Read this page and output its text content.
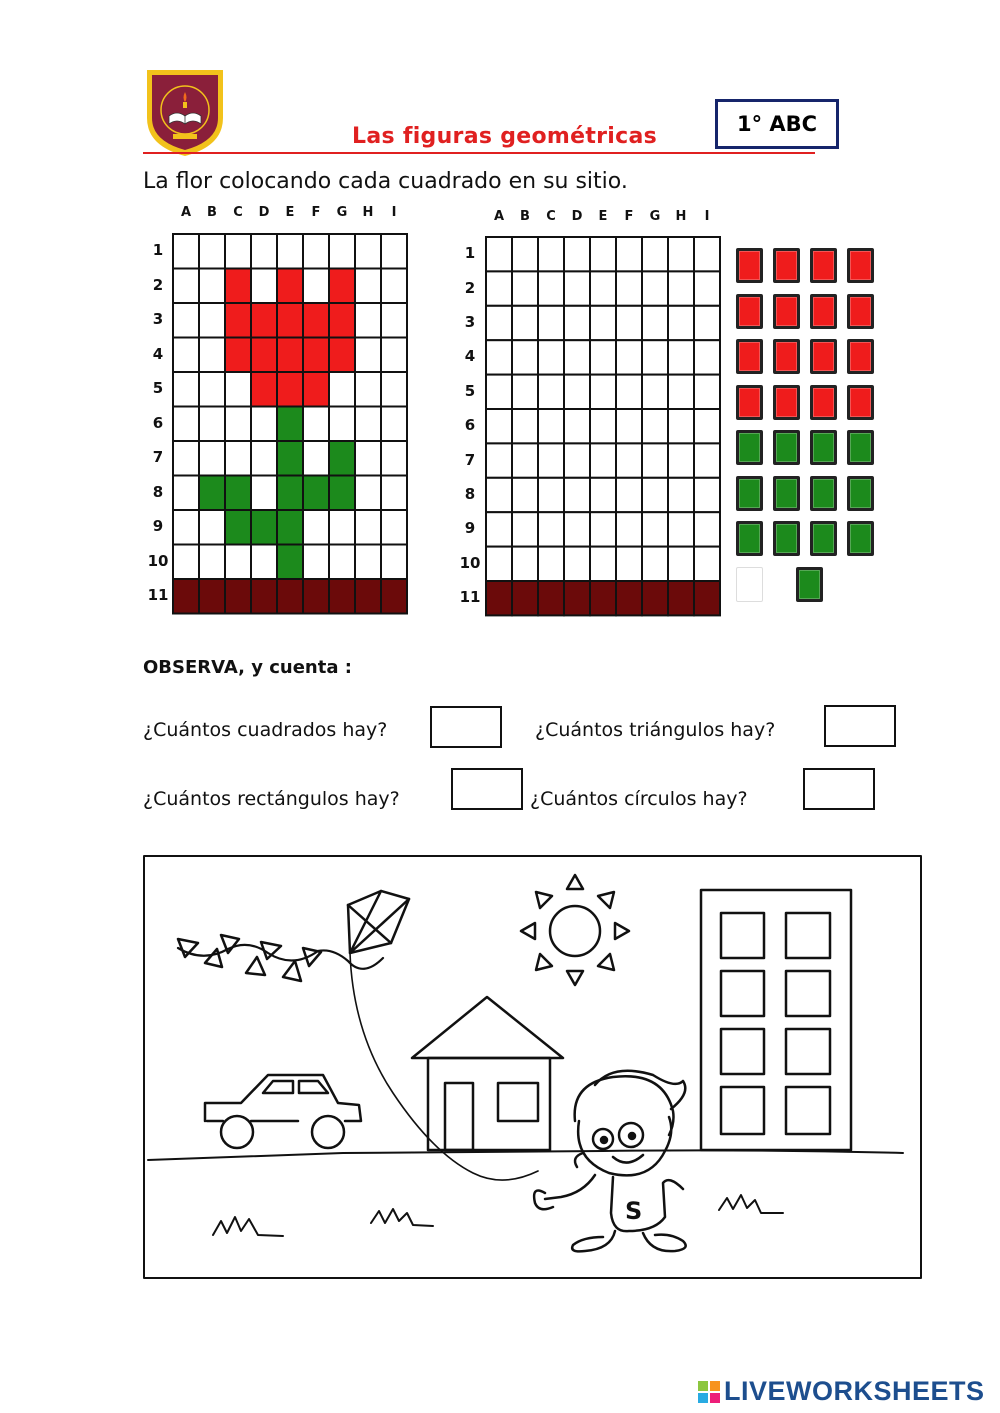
Las figuras geométricas	1° ABC
La flor colocando cada cuadrado en su sitio.
A	B	C	D	E	F	G	H	I
1
2
3
4
5
6
7
8
9
10
11
A	B	C	D	E	F	G	H	I
1
2
3
4
5
6
7
8
9
10
11
OBSERVA, y cuenta :
¿Cuántos cuadrados hay?	¿Cuántos triángulos hay?
¿Cuántos rectángulos hay?	¿Cuántos círculos hay?
S
LIVEWORKSHEETS
